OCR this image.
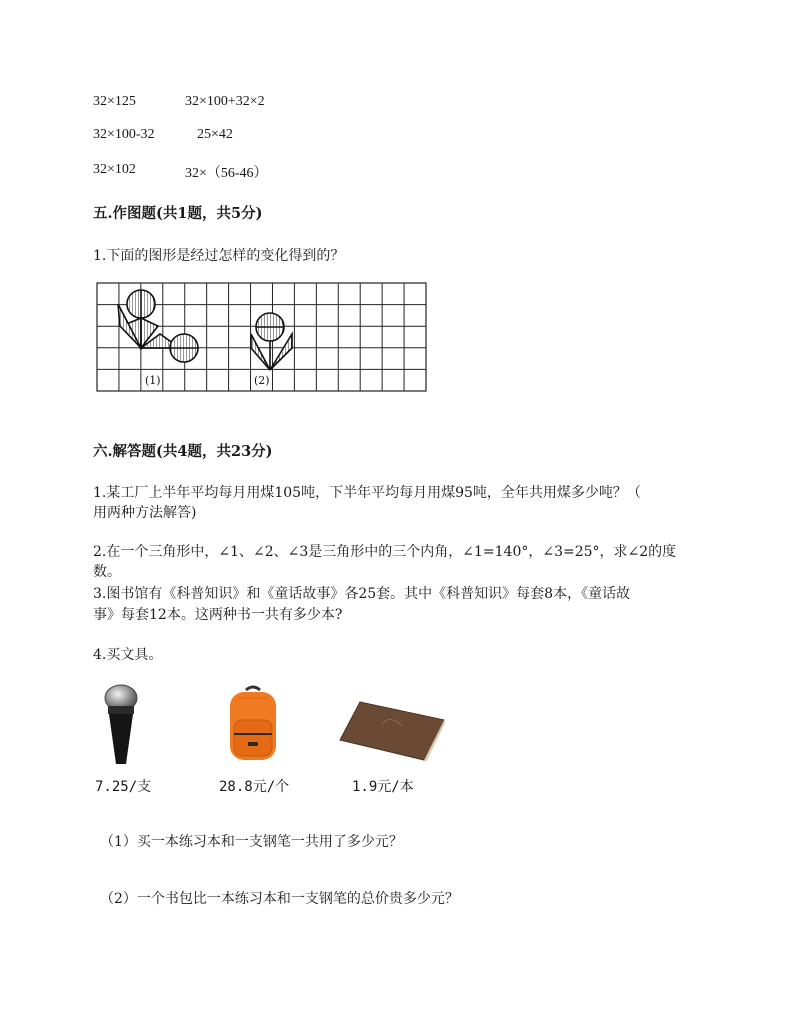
32×125	32×100+32×2
32×100-32	25×42
32×102	32×（56-46）
五.作图题(共1题，共5分)
1.下面的图形是经过怎样的变化得到的？
(1)	(2)
六.解答题(共4题，共23分)
1.某工厂上半年平均每月用煤105吨，下半年平均每月用煤95吨，全年共用煤多少吨？（
用两种方法解答)
2.在一个三角形中，∠1、∠2、∠3是三角形中的三个内角，∠1=140°，∠3=25°，求∠2的度
数。
3.图书馆有《科普知识》和《童话故事》各25套。其中《科普知识》每套8本，《童话故
事》每套12本。这两种书一共有多少本?
4.买文具。
7.25/支	28.8元/个	1.9元/本
（1）买一本练习本和一支钢笔一共用了多少元？
（2）一个书包比一本练习本和一支钢笔的总价贵多少元？
